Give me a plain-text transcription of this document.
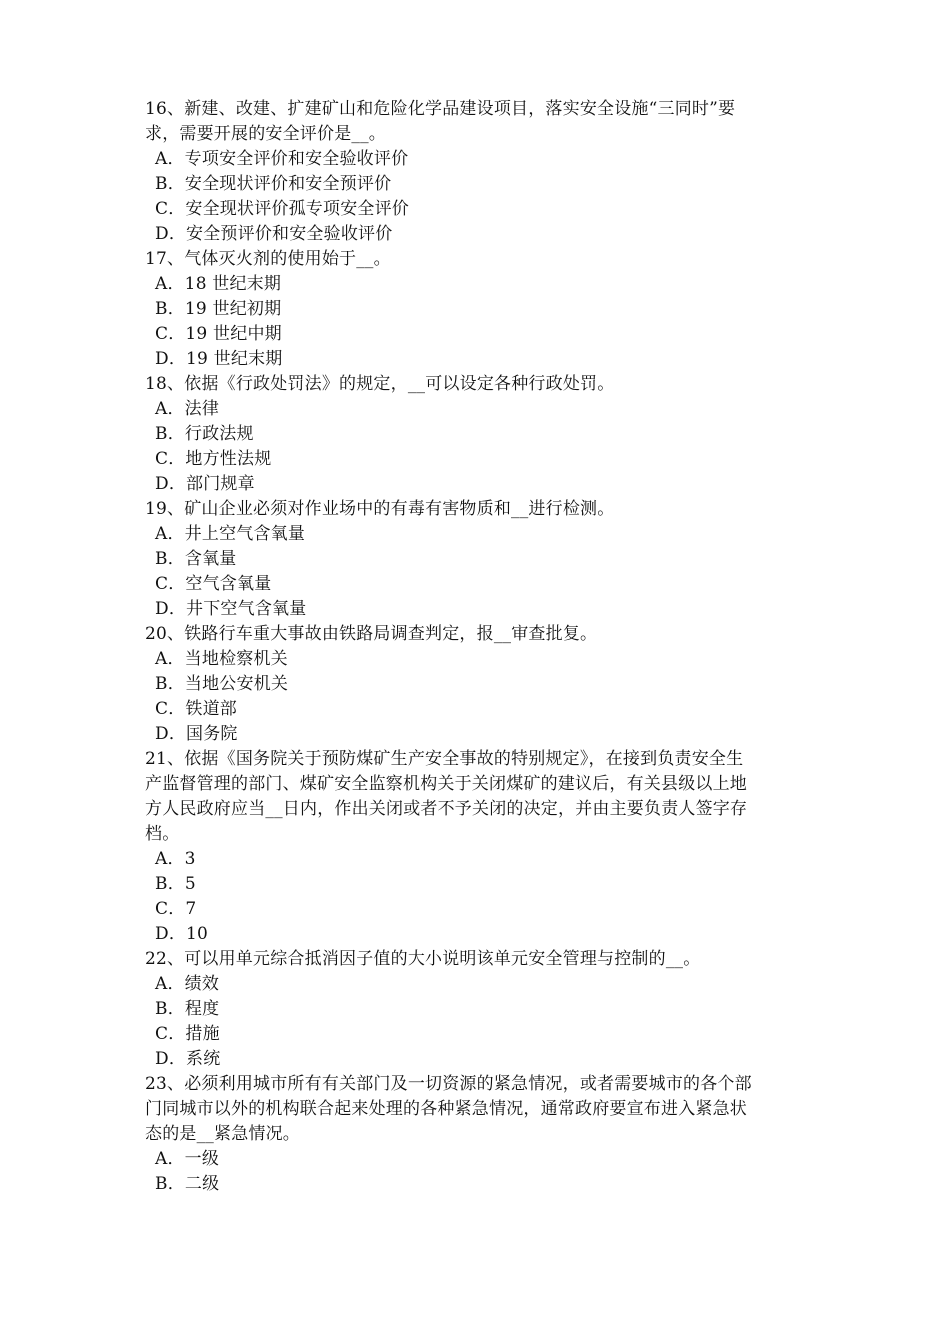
16、新建、改建、扩建矿山和危险化学品建设项目，落实安全设施“三同时”要
求，需要开展的安全评价是__。
A．专项安全评价和安全验收评价
B．安全现状评价和安全预评价
C．安全现状评价孤专项安全评价
D．安全预评价和安全验收评价
17、气体灭火剂的使用始于__。
A．18 世纪末期
B．19 世纪初期
C．19 世纪中期
D．19 世纪末期
18、依据《行政处罚法》的规定，__可以设定各种行政处罚。
A．法律
B．行政法规
C．地方性法规
D．部门规章
19、矿山企业必须对作业场中的有毒有害物质和__进行检测。
A．井上空气含氧量
B．含氧量
C．空气含氧量
D．井下空气含氧量
20、铁路行车重大事故由铁路局调查判定，报__审查批复。
A．当地检察机关
B．当地公安机关
C．铁道部
D．国务院
21、依据《国务院关于预防煤矿生产安全事故的特别规定》，在接到负责安全生
产监督管理的部门、煤矿安全监察机构关于关闭煤矿的建议后，有关县级以上地
方人民政府应当__日内，作出关闭或者不予关闭的决定，并由主要负责人签字存
档。
A．3
B．5
C．7
D．10
22、可以用单元综合抵消因子值的大小说明该单元安全管理与控制的__。
A．绩效
B．程度
C．措施
D．系统
23、必须利用城市所有有关部门及一切资源的紧急情况，或者需要城市的各个部
门同城市以外的机构联合起来处理的各种紧急情况，通常政府要宣布进入紧急状
态的是__紧急情况。
A．一级
B．二级
